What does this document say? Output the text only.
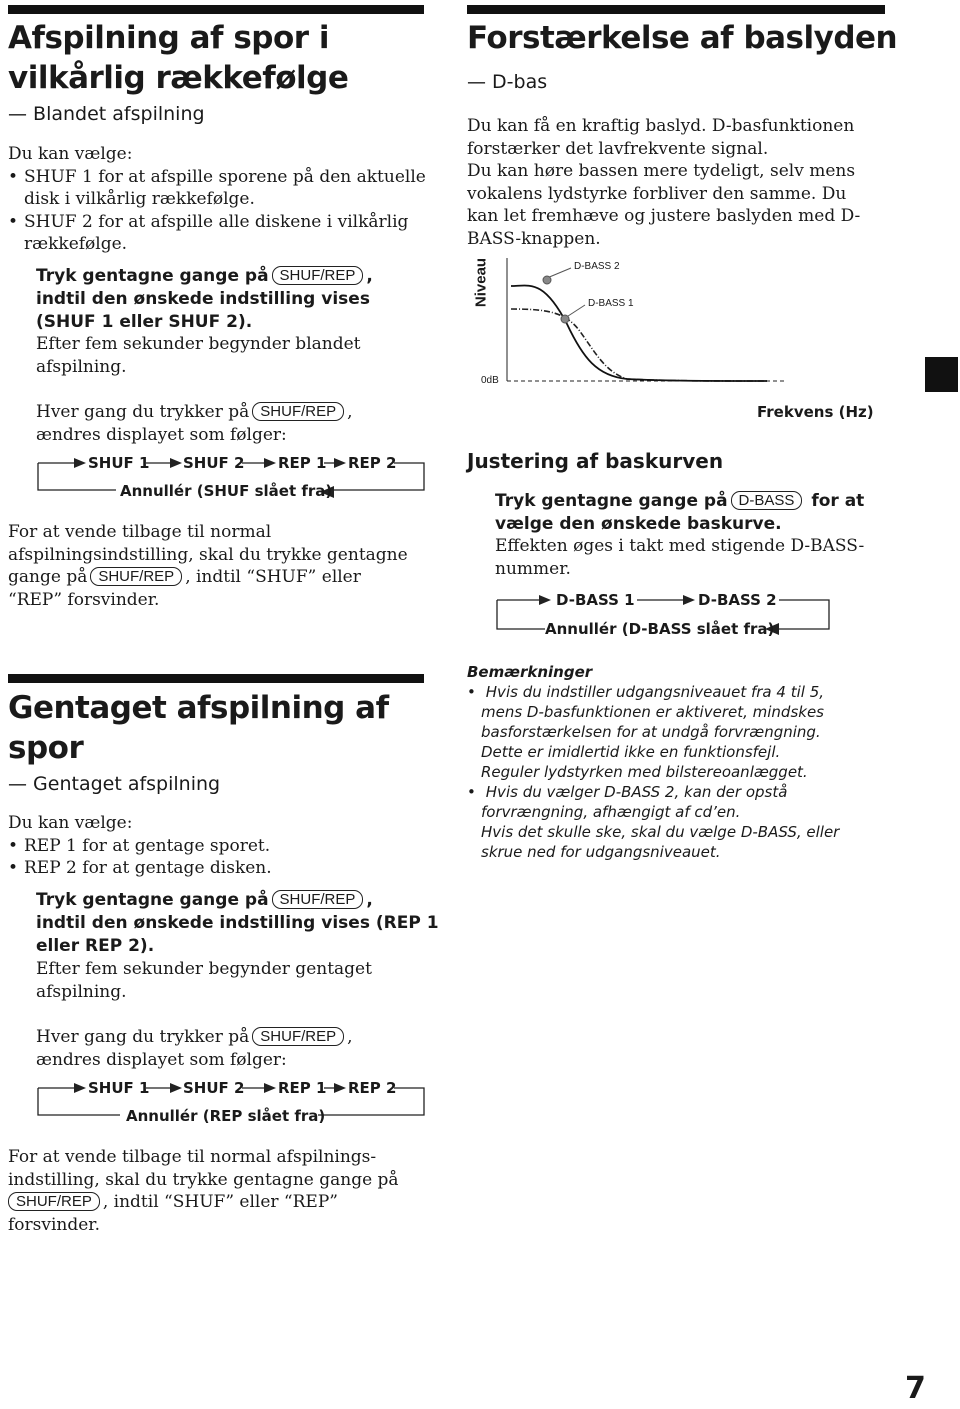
Afspilning af spor i
vilkårlig rækkefølge
— Blandet afspilning
Du kan vælge:
• SHUF 1 for at afspille sporene på den aktuelle disk i vilkårlig rækkefølge.
• SHUF 2 for at afspille alle diskene i vilkårlig rækkefølge.
Tryk gentagne gange på SHUF/REP ,
indtil den ønskede indstilling vises
(SHUF 1 eller SHUF 2).
Efter fem sekunder begynder blandet
afspilning.
Hver gang du trykker på SHUF/REP ,
ændres displayet som følger:
SHUF 1 SHUF 2 REP 1 REP 2
Annullér (SHUF slået fra)
For at vende tilbage til normal
afspilningsindstilling, skal du trykke gentagne
gange på SHUF/REP , indtil “SHUF” eller
“REP” forsvinder.
Gentaget afspilning af
spor
— Gentaget afspilning
Du kan vælge:
• REP 1 for at gentage sporet.
• REP 2 for at gentage disken.
Tryk gentagne gange på SHUF/REP ,
indtil den ønskede indstilling vises (REP 1
eller REP 2).
Efter fem sekunder begynder gentaget
afspilning.
Hver gang du trykker på SHUF/REP ,
ændres displayet som følger:
SHUF 1 SHUF 2 REP 1 REP 2
Annullér (REP slået fra)
For at vende tilbage til normal afspilnings-
indstilling, skal du trykke gentagne gange på
SHUF/REP , indtil “SHUF” eller “REP”
forsvinder.
Forstærkelse af baslyden
— D-bas
Du kan få en kraftig baslyd. D-basfunktionen
forstærker det lavfrekvente signal.
Du kan høre bassen mere tydeligt, selv mens
vokalens lydstyrke forbliver den samme. Du
kan let fremhæve og justere baslyden med D-
BASS-knappen.
D-BASS 2
D-BASS 1
Niveau
0dB
Frekvens (Hz)
Justering af baskurven
Tryk gentagne gange på D-BASS for at
vælge den ønskede baskurve.
Effekten øges i takt med stigende D-BASS-
nummer.
D-BASS 1	D-BASS 2
Annullér (D-BASS slået fra)
Bemærkninger
• Hvis du indstiller udgangsniveauet fra 4 til 5,
mens D-basfunktionen er aktiveret, mindskes
basforstærkelsen for at undgå forvrængning.
Dette er imidlertid ikke en funktionsfejl.
Reguler lydstyrken med bilstereoanlægget.
• Hvis du vælger D-BASS 2, kan der opstå
forvrængning, afhængigt af cd’en.
Hvis det skulle ske, skal du vælge D-BASS, eller
skrue ned for udgangsniveauet.
7
